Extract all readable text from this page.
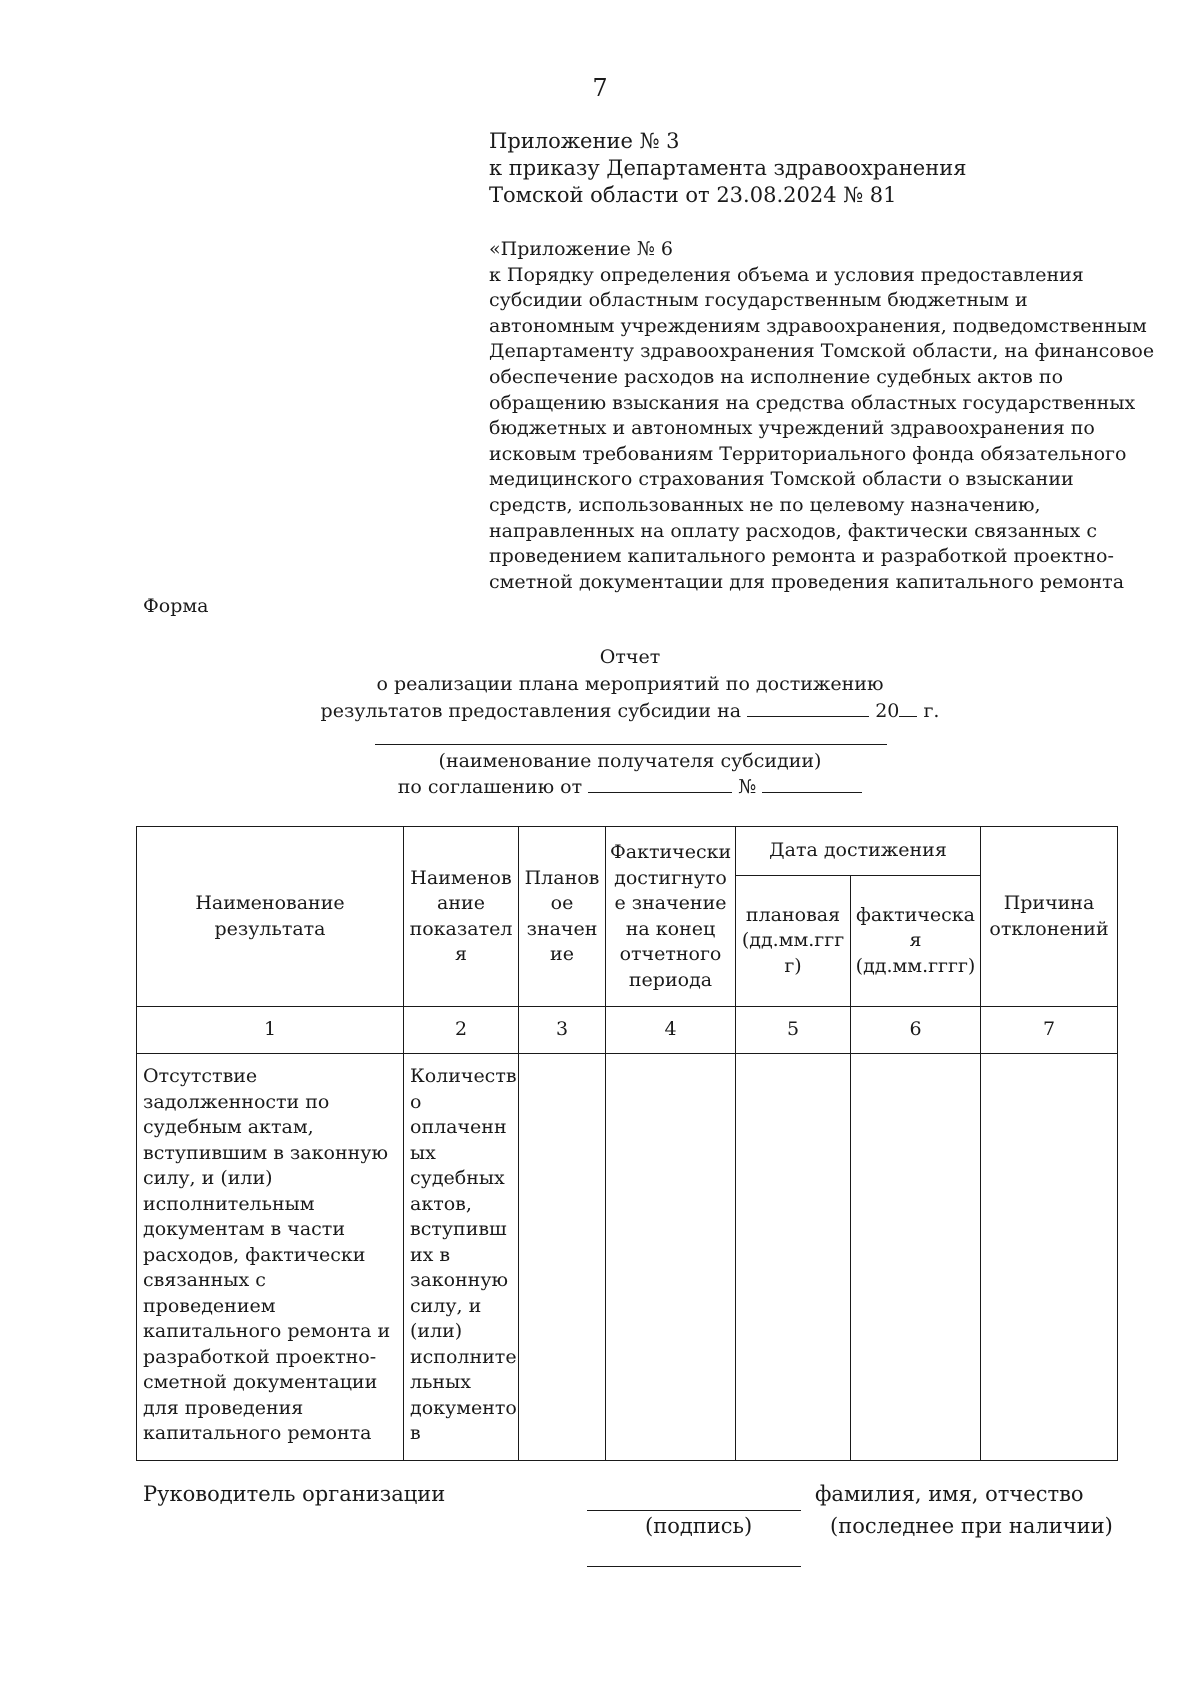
7
Приложение № 3
к приказу Департамента здравоохранения
Томской области от 23.08.2024 № 81
«Приложение № 6
к Порядку определения объема и условия предоставления
субсидии областным государственным бюджетным и
автономным учреждениям здравоохранения, подведомственным
Департаменту здравоохранения Томской области, на финансовое
обеспечение расходов на исполнение судебных актов по
обращению взыскания на средства областных государственных
бюджетных и автономных учреждений здравоохранения по
исковым требованиям Территориального фонда обязательного
медицинского страхования Томской области о взыскании
средств, использованных не по целевому назначению,
направленных на оплату расходов, фактически связанных с
проведением капитального ремонта и разработкой проектно-
сметной документации для проведения капитального ремонта
Форма
Отчет
о реализации плана мероприятий по достижению
результатов предоставления субсидии на	20 г.
(наименование получателя субсидии)
по соглашению от	№
Наименование результата	Наименов ание показател я	Планов ое значен ие	Фактически достигнуто е значение на конец отчетного периода	Дата достижения		Причина отклонений
				плановая (дд.мм.ггг г)	фактическа я (дд.мм.гггг)	
1	2	3	4	5	6	7
Отсутствие задолженности по судебным актам, вступившим в законную силу, и (или) исполнительным документам в части расходов, фактически связанных с проведением капитального ремонта и разработкой проектно-сметной документации для проведения капитального ремонта	Количеств о оплаченн ых судебных актов, вступивш их в законную силу, и (или) исполните льных документо в					
Руководитель организации	фамилия, имя, отчество
(подпись)	(последнее при наличии)
